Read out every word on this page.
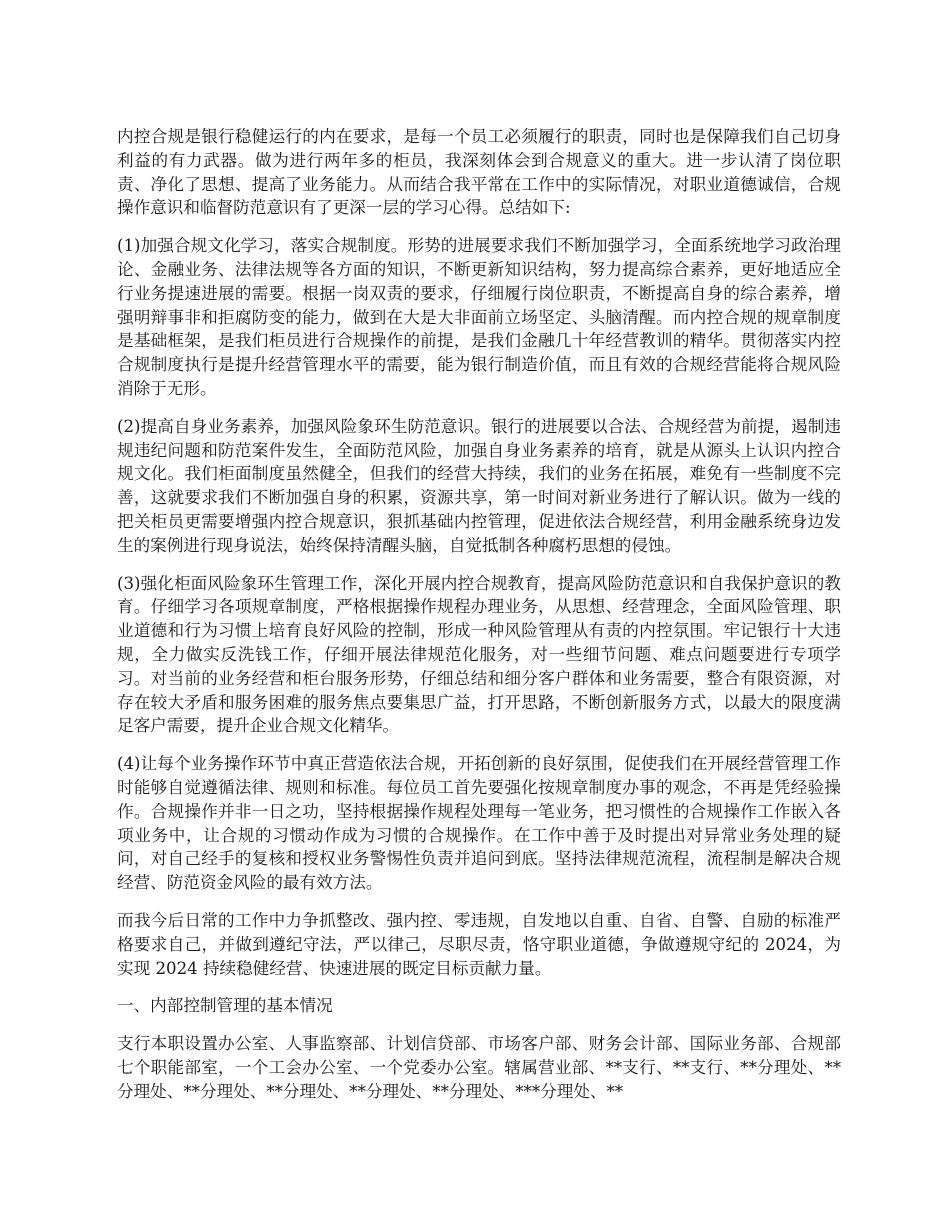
内控合规是银行稳健运行的内在要求，是每一个员工必须履行的职责，同时也是保障我们自己切身利益的有力武器。做为进行两年多的柜员，我深刻体会到合规意义的重大。进一步认清了岗位职责、净化了思想、提高了业务能力。从而结合我平常在工作中的实际情况，对职业道德诚信，合规操作意识和临督防范意识有了更深一层的学习心得。总结如下:

(1)加强合规文化学习，落实合规制度。形势的进展要求我们不断加强学习，全面系统地学习政治理论、金融业务、法律法规等各方面的知识，不断更新知识结构，努力提高综合素养，更好地适应全行业务提速进展的需要。根据一岗双责的要求，仔细履行岗位职责，不断提高自身的综合素养，增强明辩事非和拒腐防变的能力，做到在大是大非面前立场坚定、头脑清醒。而内控合规的规章制度是基础框架，是我们柜员进行合规操作的前提，是我们金融几十年经营教训的精华。贯彻落实内控合规制度执行是提升经营管理水平的需要，能为银行制造价值，而且有效的合规经营能将合规风险消除于无形。

(2)提高自身业务素养，加强风险象环生防范意识。银行的进展要以合法、合规经营为前提，遏制违规违纪问题和防范案件发生，全面防范风险，加强自身业务素养的培育，就是从源头上认识内控合规文化。我们柜面制度虽然健全，但我们的经营大持续，我们的业务在拓展，难免有一些制度不完善，这就要求我们不断加强自身的积累，资源共享，第一时间对新业务进行了解认识。做为一线的把关柜员更需要增强内控合规意识，狠抓基础内控管理，促进依法合规经营，利用金融系统身边发生的案例进行现身说法，始终保持清醒头脑，自觉抵制各种腐朽思想的侵蚀。

(3)强化柜面风险象环生管理工作，深化开展内控合规教育，提高风险防范意识和自我保护意识的教育。仔细学习各项规章制度，严格根据操作规程办理业务，从思想、经营理念，全面风险管理、职业道德和行为习惯上培育良好风险的控制，形成一种风险管理从有责的内控氛围。牢记银行十大违规，全力做实反洗钱工作，仔细开展法律规范化服务，对一些细节问题、难点问题要进行专项学习。对当前的业务经营和柜台服务形势，仔细总结和细分客户群体和业务需要，整合有限资源，对存在较大矛盾和服务困难的服务焦点要集思广益，打开思路，不断创新服务方式，以最大的限度满足客户需要，提升企业合规文化精华。

(4)让每个业务操作环节中真正营造依法合规，开拓创新的良好氛围，促使我们在开展经营管理工作时能够自觉遵循法律、规则和标准。每位员工首先要强化按规章制度办事的观念，不再是凭经验操作。合规操作并非一日之功，坚持根据操作规程处理每一笔业务，把习惯性的合规操作工作嵌入各项业务中，让合规的习惯动作成为习惯的合规操作。在工作中善于及时提出对异常业务处理的疑问，对自己经手的复核和授权业务警惕性负责并追问到底。坚持法律规范流程，流程制是解决合规经营、防范资金风险的最有效方法。

而我今后日常的工作中力争抓整改、强内控、零违规，自发地以自重、自省、自警、自励的标准严格要求自己，并做到遵纪守法，严以律己，尽职尽责，恪守职业道德，争做遵规守纪的 2024，为实现 2024 持续稳健经营、快速进展的既定目标贡献力量。

一、内部控制管理的基本情况

支行本职设置办公室、人事监察部、计划信贷部、市场客户部、财务会计部、国际业务部、合规部七个职能部室，一个工会办公室、一个党委办公室。辖属营业部、**支行、**支行、**分理处、**分理处、**分理处、**分理处、**分理处、**分理处、***分理处、**
